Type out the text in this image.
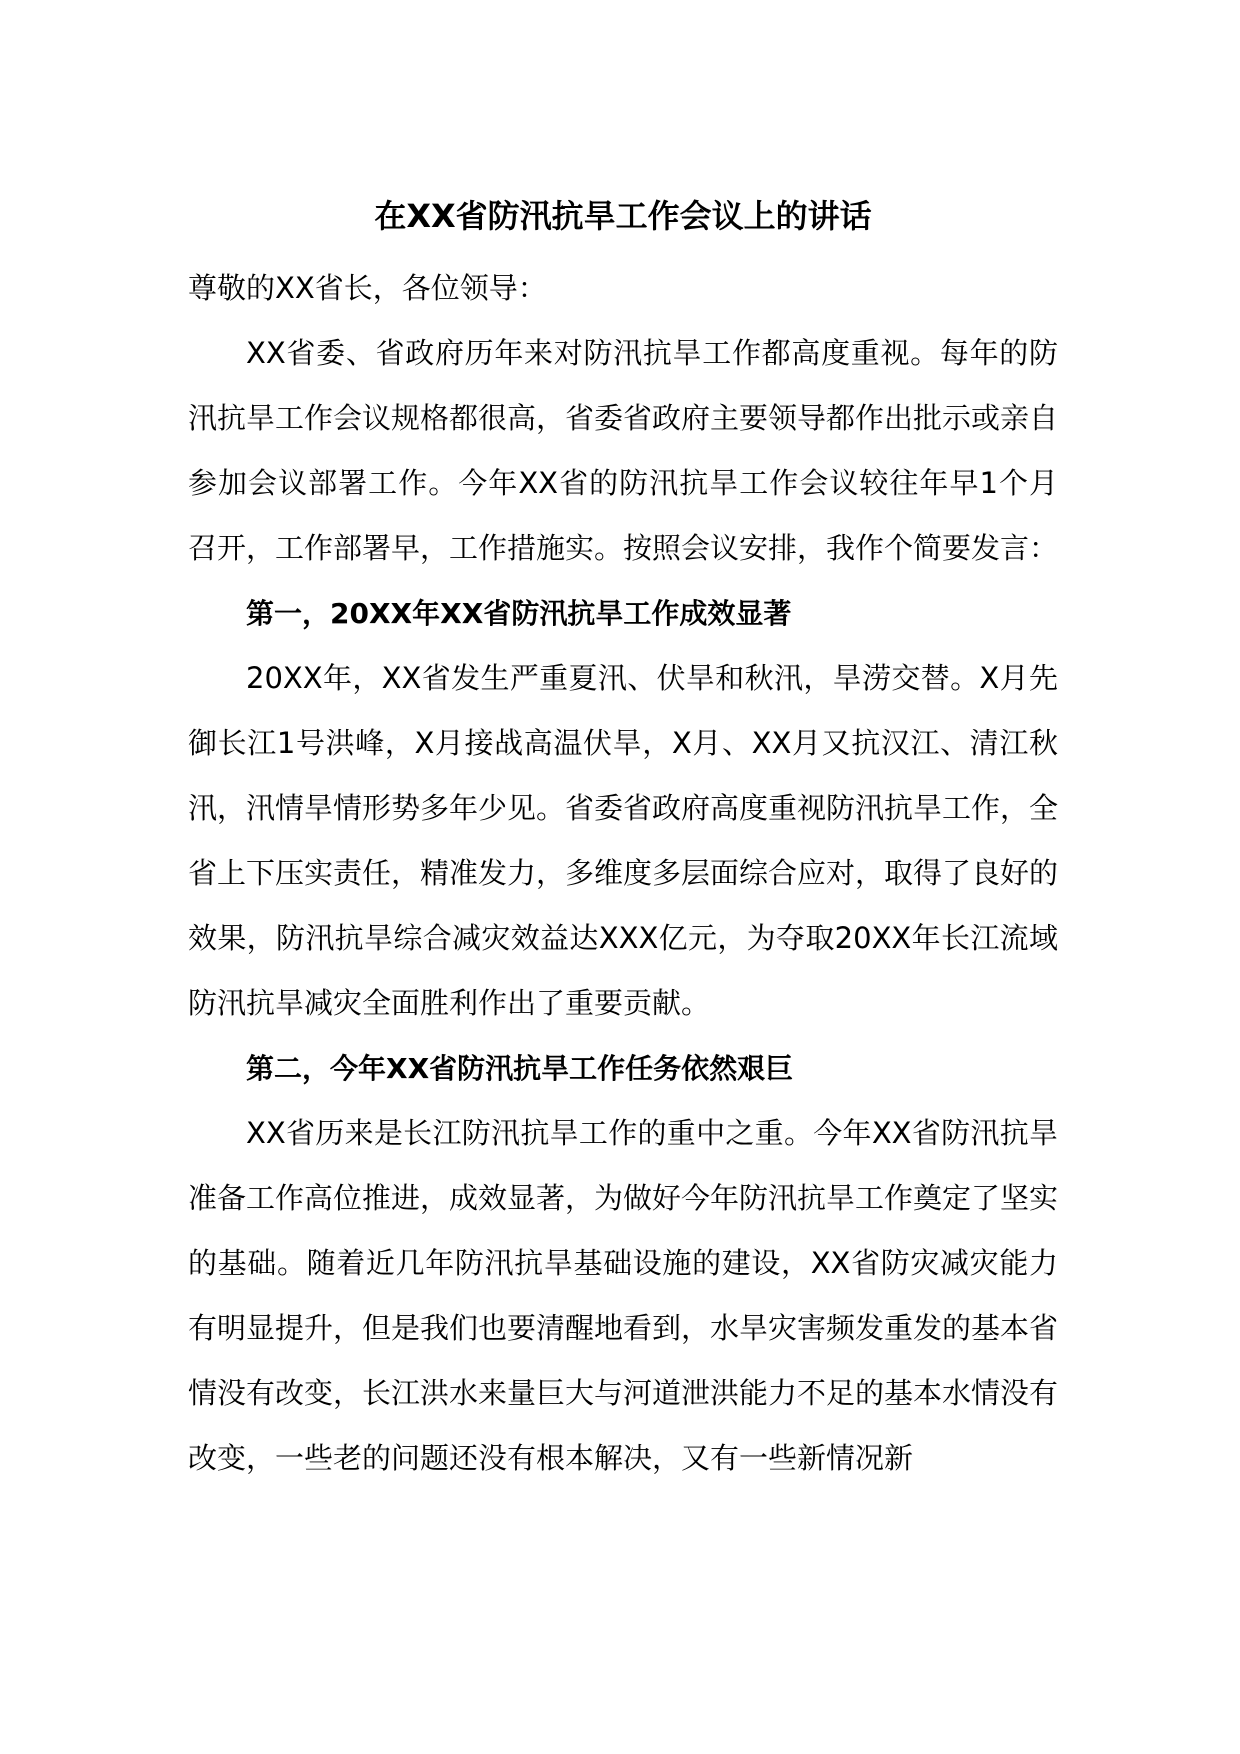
在XX省防汛抗旱工作会议上的讲话

尊敬的XX省长，各位领导：

XX省委、省政府历年来对防汛抗旱工作都高度重视。每年的防汛抗旱工作会议规格都很高，省委省政府主要领导都作出批示或亲自参加会议部署工作。今年XX省的防汛抗旱工作会议较往年早1个月召开，工作部署早，工作措施实。按照会议安排，我作个简要发言：

第一，20XX年XX省防汛抗旱工作成效显著

20XX年，XX省发生严重夏汛、伏旱和秋汛，旱涝交替。X月先御长江1号洪峰，X月接战高温伏旱，X月、XX月又抗汉江、清江秋汛，汛情旱情形势多年少见。省委省政府高度重视防汛抗旱工作，全省上下压实责任，精准发力，多维度多层面综合应对，取得了良好的效果，防汛抗旱综合减灾效益达XXX亿元，为夺取20XX年长江流域防汛抗旱减灾全面胜利作出了重要贡献。

第二，今年XX省防汛抗旱工作任务依然艰巨

XX省历来是长江防汛抗旱工作的重中之重。今年XX省防汛抗旱准备工作高位推进，成效显著，为做好今年防汛抗旱工作奠定了坚实的基础。随着近几年防汛抗旱基础设施的建设，XX省防灾减灾能力有明显提升，但是我们也要清醒地看到，水旱灾害频发重发的基本省情没有改变，长江洪水来量巨大与河道泄洪能力不足的基本水情没有改变，一些老的问题还没有根本解决，又有一些新情况新
